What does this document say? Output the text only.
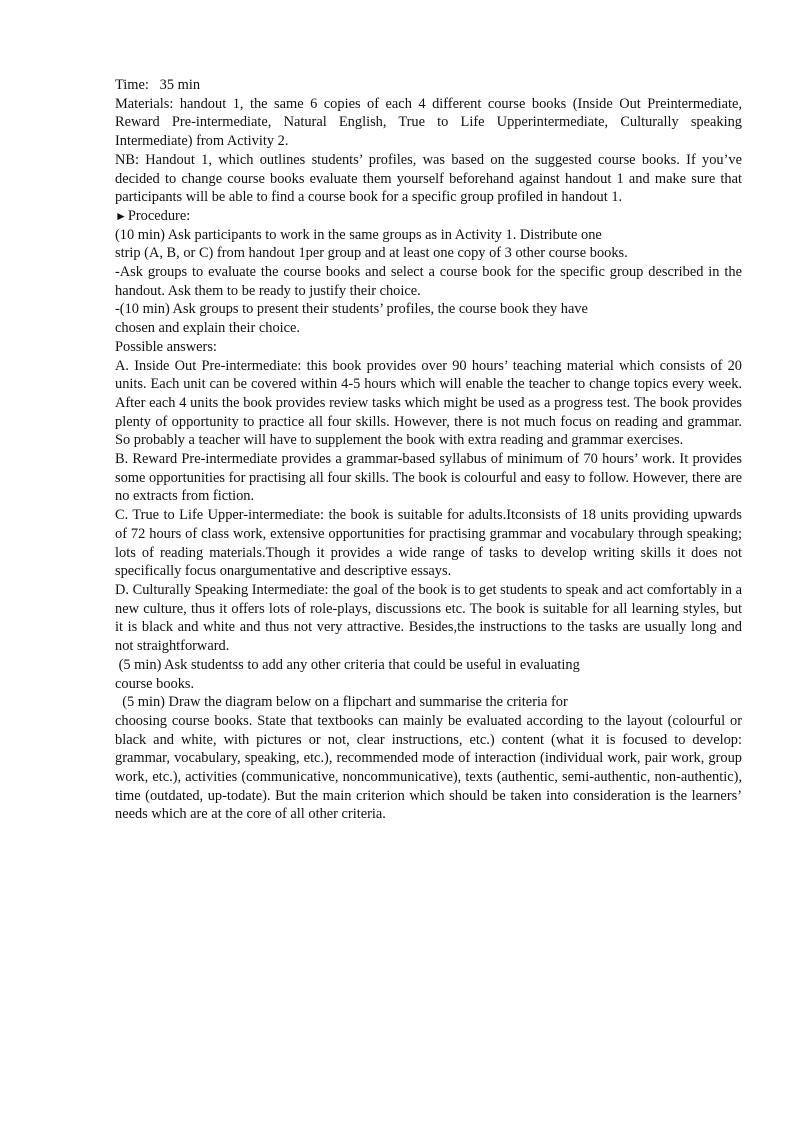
Time:   35 min

Materials: handout 1, the same 6 copies of each 4 different course books (Inside Out Preintermediate, Reward Pre-intermediate, Natural English, True to Life Upperintermediate, Culturally speaking Intermediate) from Activity 2.

NB: Handout 1, which outlines students’ profiles, was based on the suggested course books. If you’ve decided to change course books evaluate them yourself beforehand against handout 1 and make sure that participants will be able to find a course book for a specific group profiled in handout 1.

►Procedure:

(10 min) Ask participants to work in the same groups as in Activity 1. Distribute one

strip (A, B, or C) from handout 1per group and at least one copy of 3 other course books.

-Ask groups to evaluate the course books and select a course book for the specific group described in the handout. Ask them to be ready to justify their choice.

-(10 min) Ask groups to present their students’ profiles, the course book they have

chosen and explain their choice.

Possible answers:

A. Inside Out Pre-intermediate: this book provides over 90 hours’ teaching material which consists of 20 units. Each unit can be covered within 4-5 hours which will enable the teacher to change topics every week. After each 4 units the book provides review tasks which might be used as a progress test. The book provides plenty of opportunity to practice all four skills. However, there is not much focus on reading and grammar. So probably a teacher will have to supplement the book with extra reading and grammar exercises.

B. Reward Pre-intermediate provides a grammar-based syllabus of minimum of 70 hours’ work. It provides some opportunities for practising all four skills. The book is colourful and easy to follow. However, there are no extracts from fiction.

C. True to Life Upper-intermediate: the book is suitable for adults.Itconsists of 18 units providing upwards of 72 hours of class work, extensive opportunities for practising grammar and vocabulary through speaking; lots of reading materials.Though it provides a wide range of tasks to develop writing skills it does not specifically focus onargumentative and descriptive essays.

D. Culturally Speaking Intermediate: the goal of the book is to get students to speak and act comfortably in a new culture, thus it offers lots of role-plays, discussions etc. The book is suitable for all learning styles, but it is black and white and thus not very attractive. Besides,the instructions to the tasks are usually long and not straightforward.

(5 min) Ask studentss to add any other criteria that could be useful in evaluating

course books.

(5 min) Draw the diagram below on a flipchart and summarise the criteria for

choosing course books. State that textbooks can mainly be evaluated according to the layout (colourful or black and white, with pictures or not, clear instructions, etc.) content (what it is focused to develop: grammar, vocabulary, speaking, etc.), recommended mode of interaction (individual work, pair work, group work, etc.), activities (communicative, noncommunicative), texts (authentic, semi-authentic, non-authentic), time (outdated, up-todate). But the main criterion which should be taken into consideration is the learners’ needs which are at the core of all other criteria.
